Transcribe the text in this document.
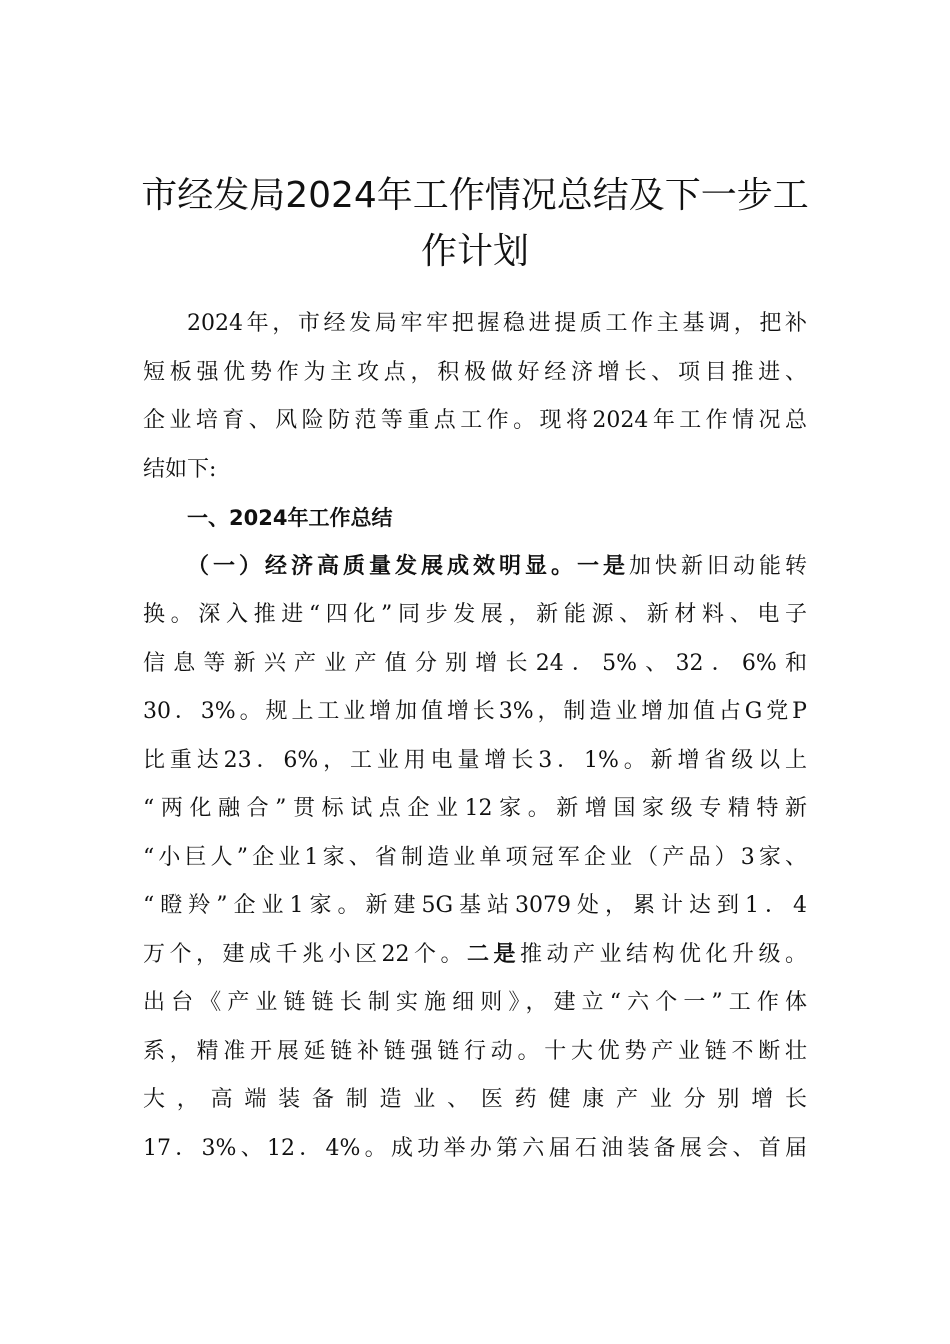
市经发局2024年工作情况总结及下一步工
作计划
2024年，市经发局牢牢把握稳进提质工作主基调，把补
短板强优势作为主攻点，积极做好经济增长、项目推进、
企业培育、风险防范等重点工作。现将2024年工作情况总
结如下:
一、2024年工作总结
（一）经济高质量发展成效明显。一是加快新旧动能转
换。深入推进“四化”同步发展，新能源、新材料、电子
信息等新兴产业产值分别增长24．5%、32．6%和
30．3%。规上工业增加值增长3%，制造业增加值占G党P
比重达23．6%，工业用电量增长3．1%。新增省级以上
“两化融合”贯标试点企业12家。新增国家级专精特新
“小巨人”企业1家、省制造业单项冠军企业（产品）3家、
“瞪羚”企业1家。新建5G基站3079处，累计达到1．4
万个，建成千兆小区22个。二是推动产业结构优化升级。
出台《产业链链长制实施细则》，建立“六个一”工作体
系，精准开展延链补链强链行动。十大优势产业链不断壮
大，高端装备制造业、医药健康产业分别增长
17．3%、12．4%。成功举办第六届石油装备展会、首届
